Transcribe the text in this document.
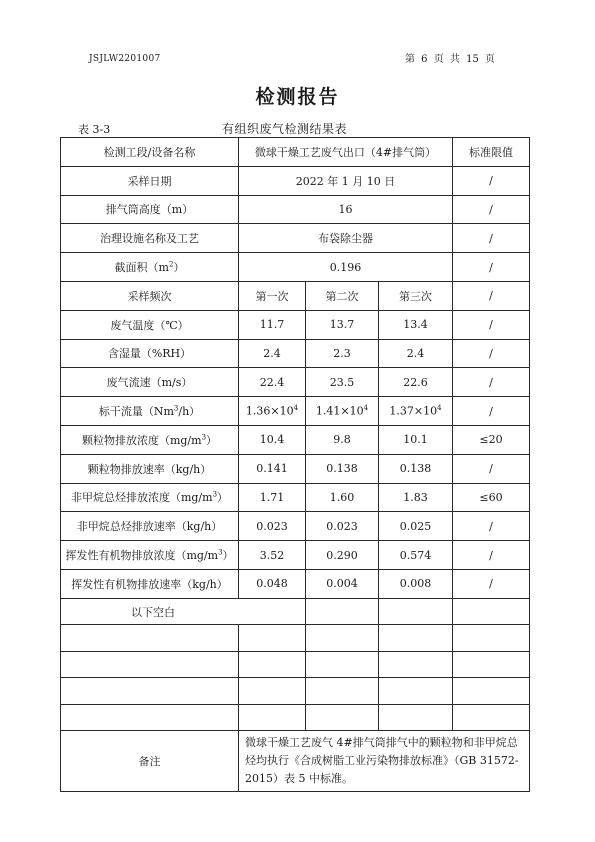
JSJLW2201007	第 6 页 共 15 页
检测报告
表 3-3	有组织废气检测结果表
检测工段/设备名称	微球干燥工艺废气出口（4#排气筒）			标准限值
采样日期	2022 年 1 月 10 日			/
排气筒高度（m）	16			/
治理设施名称及工艺	布袋除尘器			/
截面积$(m^2)$	0.196			/
采样频次	第一次	第二次	第三次	/
废气温度（℃）	11.7	13.7	13.4	/
含湿量（%RH）	2.4	2.3	2.4	/
废气流速（m/s）	22.4	23.5	22.6	/
标干流量（Nm$^3$/h）	$1.36\times 10^4$	$1.41\times 10^4$	$1.37\times 10^4$	/
颗粒物排放浓度$(mg/m^3)$	10.4	9.8	10.1	≤20
颗粒物排放速率（kg/h）	0.141	0.138	0.138	/
非甲烷总烃排放浓度$(mg/m^3)$	1.71	1.60	1.83	≤60
非甲烷总烃排放速率（kg/h）	0.023	0.023	0.025	/
挥发性有机物排放浓度$(mg/m^3)$	3.52	0.290	0.574	/
挥发性有机物排放速率（kg/h）	0.048	0.004	0.008	/
以下空白				

备注	微球干燥工艺废气 4#排气筒排气中的颗粒物和非甲烷总烃均执行《合成树脂工业污染物排放标准》（GB 31572-2015）表 5 中标准。			
